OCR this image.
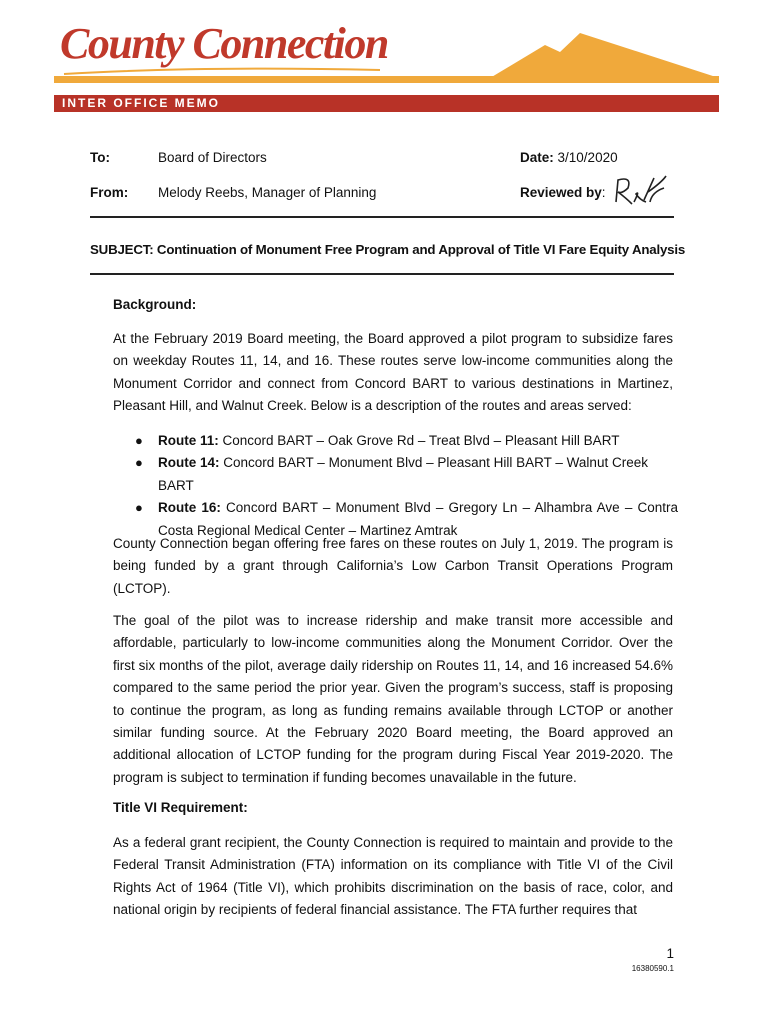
County Connection
INTER OFFICE MEMO
To:	Board of Directors	Date: 3/10/2020
From: Melody Reebs, Manager of Planning	Reviewed by:
RHf
SUBJECT: Continuation of Monument Free Program and Approval of Title VI Fare Equity Analysis
Background:

At the February 2019 Board meeting, the Board approved a pilot program to subsidize fares on weekday Routes 11, 14, and 16. These routes serve low-income communities along the Monument Corridor and connect from Concord BART to various destinations in Martinez, Pleasant Hill, and Walnut Creek. Below is a description of the routes and areas served:

● Route 11: Concord BART – Oak Grove Rd – Treat Blvd – Pleasant Hill BART
● Route 14: Concord BART – Monument Blvd – Pleasant Hill BART – Walnut Creek BART
● Route 16: Concord BART – Monument Blvd – Gregory Ln – Alhambra Ave – Contra Costa Regional Medical Center – Martinez Amtrak

County Connection began offering free fares on these routes on July 1, 2019. The program is being funded by a grant through California’s Low Carbon Transit Operations Program (LCTOP).

The goal of the pilot was to increase ridership and make transit more accessible and affordable, particularly to low-income communities along the Monument Corridor. Over the first six months of the pilot, average daily ridership on Routes 11, 14, and 16 increased 54.6% compared to the same period the prior year. Given the program’s success, staff is proposing to continue the program, as long as funding remains available through LCTOP or another similar funding source. At the February 2020 Board meeting, the Board approved an additional allocation of LCTOP funding for the program during Fiscal Year 2019-2020. The program is subject to termination if funding becomes unavailable in the future.

Title VI Requirement:

As a federal grant recipient, the County Connection is required to maintain and provide to the Federal Transit Administration (FTA) information on its compliance with Title VI of the Civil Rights Act of 1964 (Title VI), which prohibits discrimination on the basis of race, color, and national origin by recipients of federal financial assistance. The FTA further requires that

1
16380590.1
